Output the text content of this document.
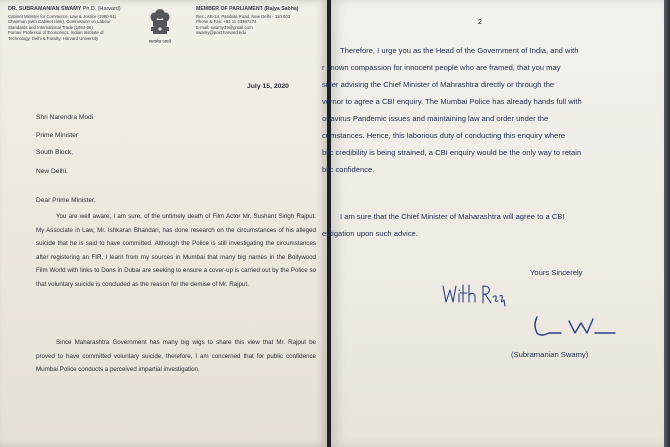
DR. SUBRAMANIAN SWAMY Ph.D. (Harvard)
Cabinet Minister for Commerce, Law & Justice (1990-91)
Chairman (with Cabinet rank), Commission on Labour
Standards and International Trade (1994-96)
Former Professor of Economics, Indian Institute of
Technology, Delhi & Faculty, Harvard University
सत्यमेव जयते
MEMBER OF PARLIAMENT (Rajya Sabha)
Res.: AB-14, Pandara Road, New Delhi - 110 003
Phone & Fax: +91 11 23387274
E-mail: swamy39@gmail.com
swamy@post.harvard.edu
July 15, 2020
Shri Narendra Modi
Prime Minister
South Block,
New Delhi.
Dear Prime Minister,

You are well aware, I am sure, of the untimely death of Film Actor Mr. Sushant Singh Rajput. My Associate in Law, Mr. Ishkaran Bhandari, has done research on the circumstances of his alleged suicide that he is said to have committed. Although the Police is still investigating the circumstances after registering an FIR, I learn from my sources in Mumbai that many big names in the Bollywood Film World with links to Dons in Dubai are seeking to ensure a cover-up is carried out by the Police so that voluntary suicide is concluded as the reason for the demise of Mr. Rajput.

Since Maharashtra Government has many big wigs to share this view that Mr. Rajput be proved to have committed voluntary suicide, therefore, I am concerned that for public confidence Mumbai Police conducts a perceived impartial investigation.

2
Therefore, I urge you as the Head of the Government of India, and with
r known compassion for innocent people who are framed, that you may
sider advising the Chief Minister of Mahrashtra directly or through the
vernor to agree a CBI enquiry. The Mumbai Police has already hands full with
onavirus Pandemic issues and maintaining law and order under the
cumstances. Hence, this laborious duty of conducting this enquiry where
blic credibility is being strained, a CBI enquiry would be the only way to retain
blic confidence.
I am sure that the Chief Minister of Maharashtra will agree to a CBI
estigation upon such advice.
Yours Sincerely
(Subramanian Swamy)
